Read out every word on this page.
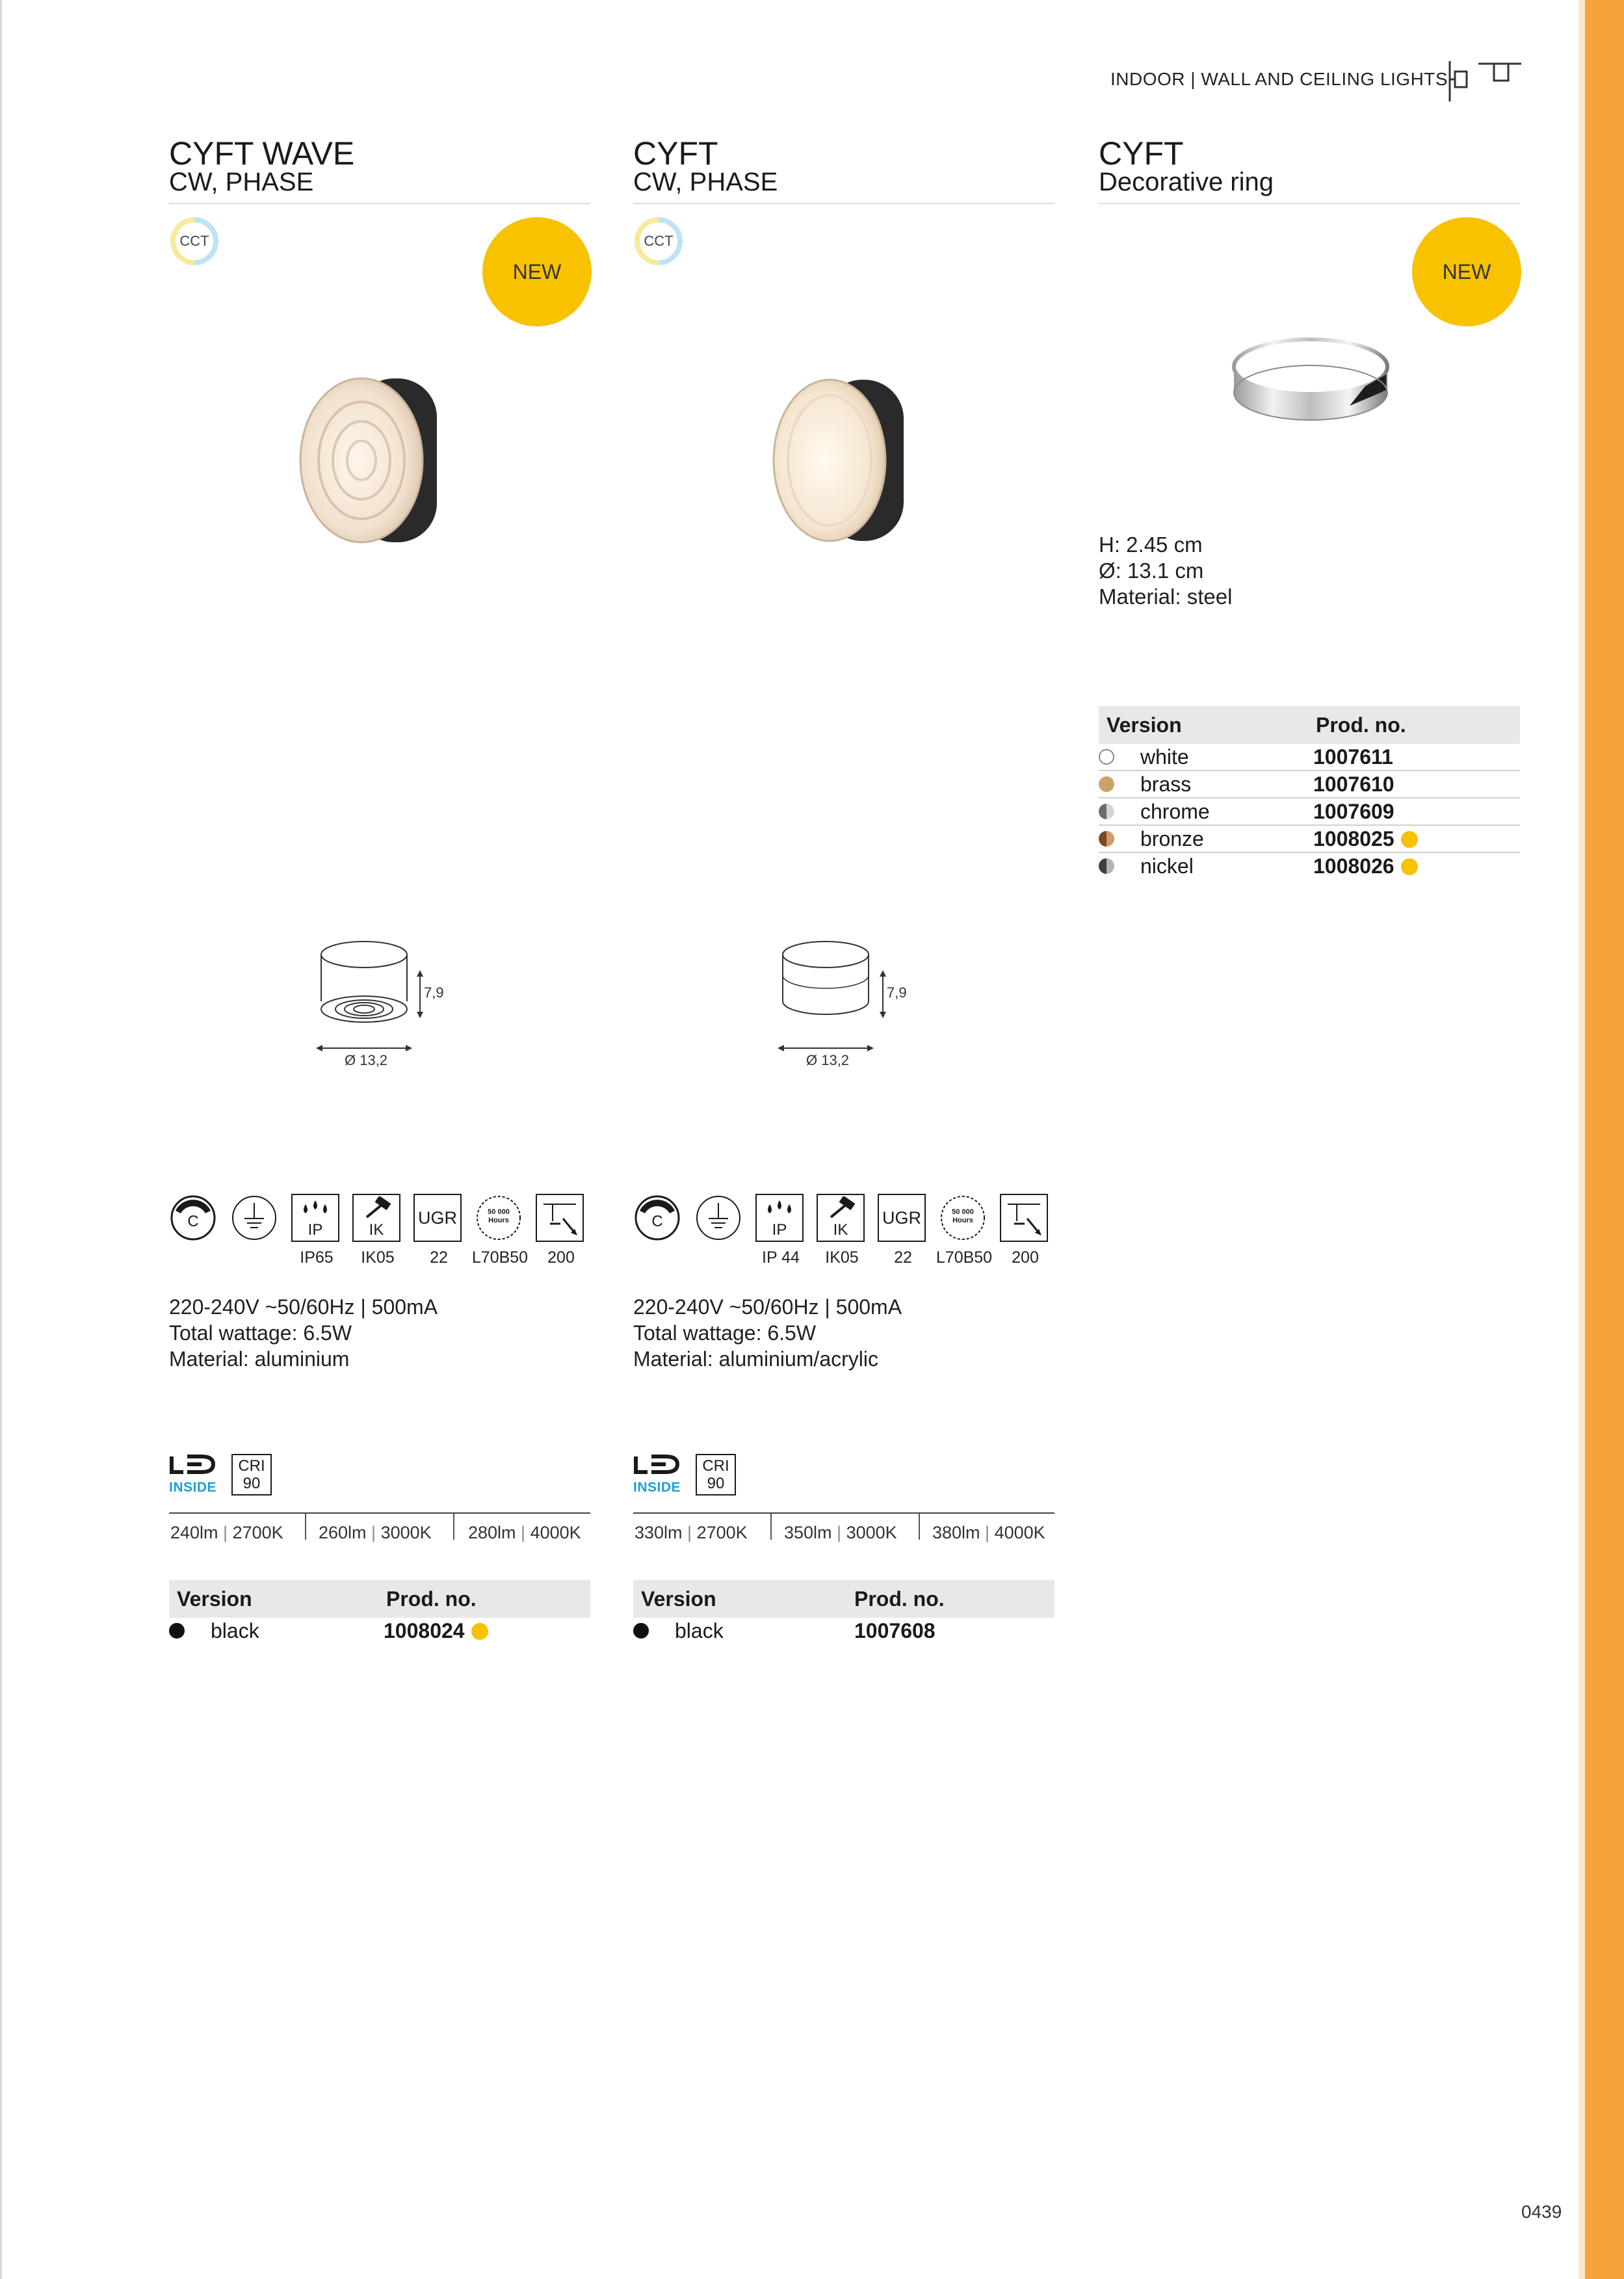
INDOOR | WALL AND CEILING LIGHTS
CYFT WAVE
CW, PHASE
CCT
NEW
7,9
Ø 13,2
C	IP
IP65
IK
IK05
UGR
22
50 000 Hours
L70B50	200
220-240V ~50/60Hz | 500mA
Total wattage: 6.5W
Material: aluminium
INSIDE
CRI
90
240lm | 2700K 260lm | 3000K 280lm | 4000K
Version	Prod. no.
black	1008024
CYFT
CW, PHASE
CCT
7,9
Ø 13,2
C	IP
IP 44
IK
IK05
UGR
22
50 000 Hours
L70B50	200
220-240V ~50/60Hz | 500mA
Total wattage: 6.5W
Material: aluminium/acrylic
INSIDE
CRI
90
330lm | 2700K 350lm | 3000K 380lm | 4000K
Version	Prod. no.
black	1007608
CYFT
Decorative ring
NEW
H: 2.45 cm
Ø: 13.1 cm
Material: steel
Version	Prod. no.
white	1007611
brass	1007610
chrome	1007609
bronze	1008025
nickel	1008026
0439
